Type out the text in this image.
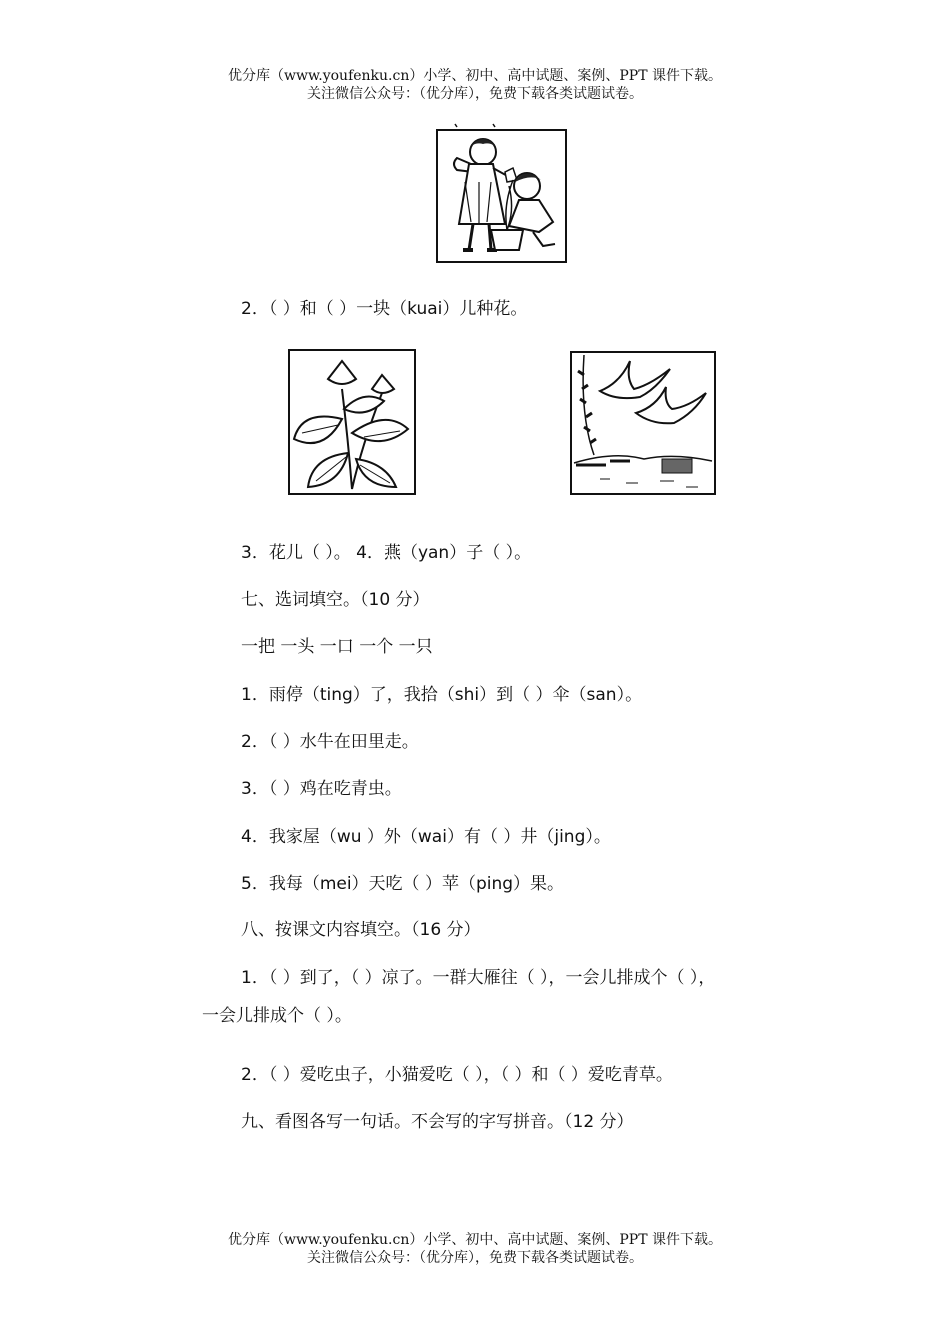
优分库（www.youfenku.cn）小学、初中、高中试题、案例、PPT 课件下载。
关注微信公众号：（优分库），免费下载各类试题试卷。
2．（ ）和（ ）一块（kuai）儿种花。
3．花儿（ ）。 4．燕（yan）子（ ）。
七、选词填空。（10 分）
一把 一头 一口 一个 一只
1．雨停（ting）了，我拾（shi）到（ ）伞（san）。
2．（ ）水牛在田里走。
3．（ ）鸡在吃青虫。
4．我家屋（wu ）外（wai）有（ ）井（jing）。
5．我每（mei）天吃（ ）苹（ping）果。
八、按课文内容填空。（16 分）
1．（ ）到了，（ ）凉了。一群大雁往（ ），一会儿排成个（ ），
一会儿排成个（ ）。
2．（ ）爱吃虫子，小猫爱吃（ ），（ ）和（ ）爱吃青草。
九、看图各写一句话。不会写的字写拼音。（12 分）
优分库（www.youfenku.cn）小学、初中、高中试题、案例、PPT 课件下载。
关注微信公众号：（优分库），免费下载各类试题试卷。
